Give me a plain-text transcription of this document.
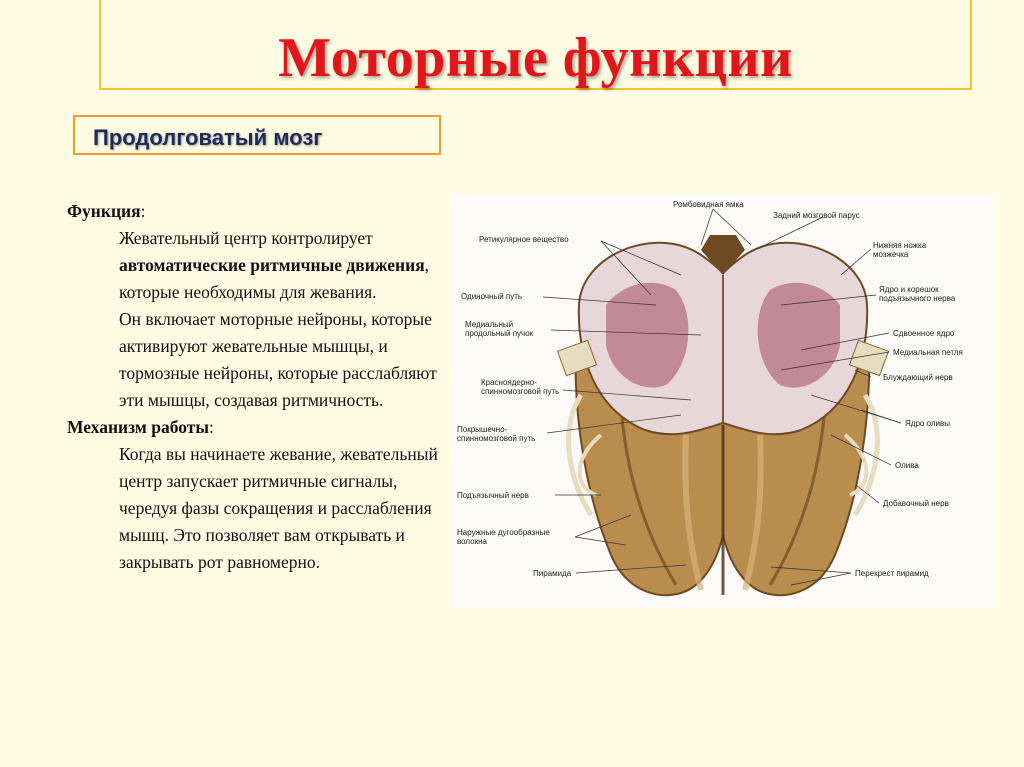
Моторные функции
Продолговатый мозг
Функция:
Жевательный центр контролирует автоматические ритмичные движения, которые необходимы для жевания.
Он включает моторные нейроны, которые активируют жевательные мышцы, и тормозные нейроны, которые расслабляют эти мышцы, создавая ритмичность.
Механизм работы:
Когда вы начинаете жевание, жевательный центр запускает ритмичные сигналы, чередуя фазы сокращения и расслабления мышц. Это позволяет вам открывать и закрывать рот равномерно.
Ромбовидная ямка
Задний мозговой парус
Ретикулярное вещество
Нижняя ножка мозжечка
Одиночный путь
Ядро и корешок подъязычного нерва
Медиальный продольный пучок	Сдвоенное ядро
Медиальная петля
Красноядерно-спинномозговой путь
Блуждающий нерв
Ядро оливы
Покрышечно-спинномозговой путь
Олива
Подъязычный нерв
Добавочный нерв
Наружные дугообразные волокна
Пирамида	Перекрест пирамид
